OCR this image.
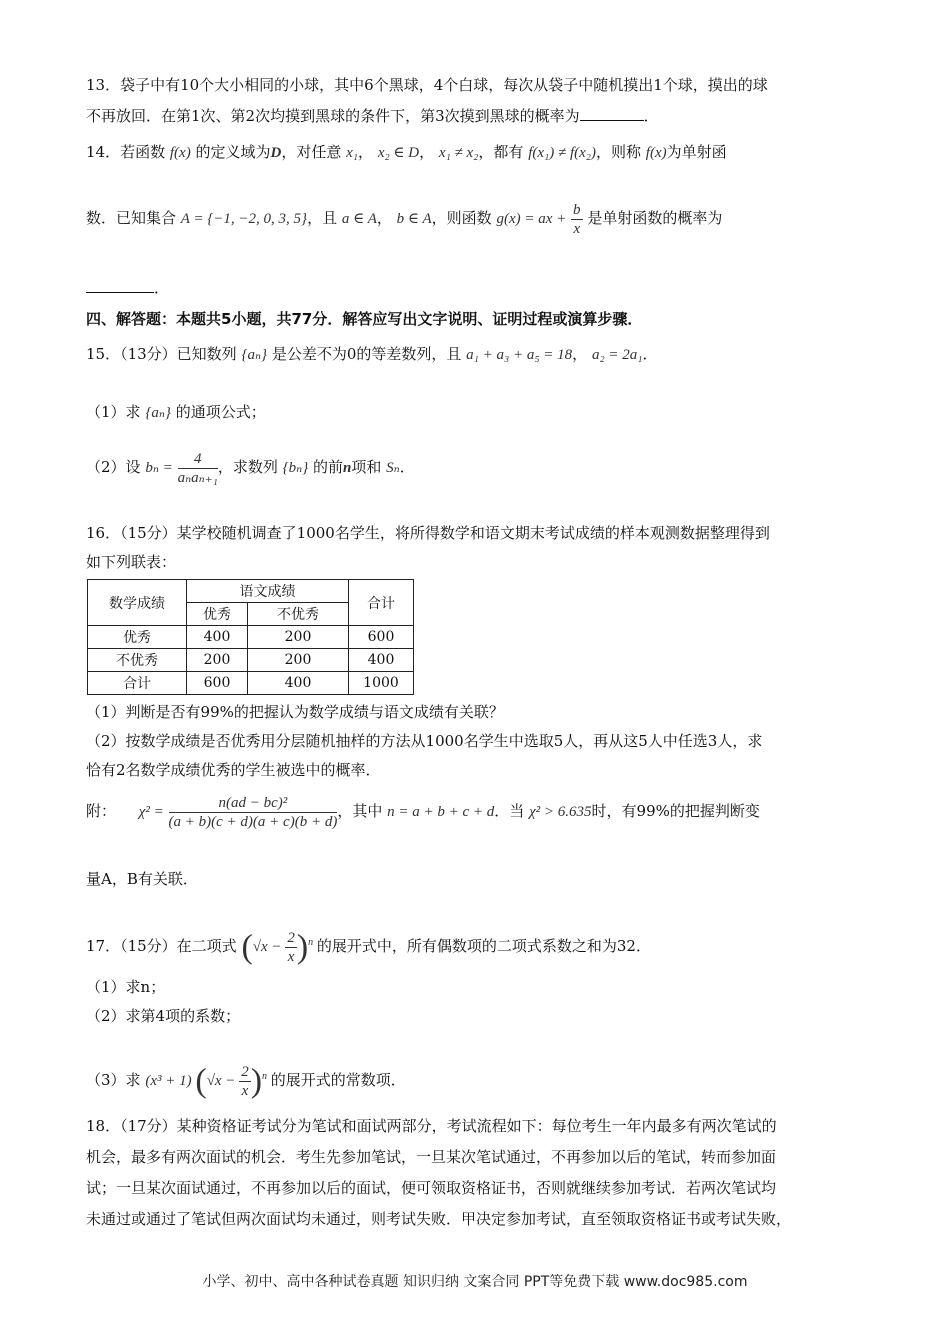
13．袋子中有10个大小相同的小球，其中6个黑球，4个白球，每次从袋子中随机摸出1个球，摸出的球
不再放回．在第1次、第2次均摸到黑球的条件下，第3次摸到黑球的概率为	．
14．若函数 f(x) 的定义域为D，对任意 x₁， x₂ ∈ D， x₁ ≠ x₂，都有 f(x₁) ≠ f(x₂)，则称 f(x)为单射函
数．已知集合 A = {−1, −2, 0, 3, 5}，且 a ∈ A， b ∈ A，则函数 g(x) = ax + $\frac{b}{x}$ 是单射函数的概率为
．
四、解答题：本题共5小题，共77分．解答应写出文字说明、证明过程或演算步骤．
15．（13分）已知数列 {aₙ} 是公差不为0的等差数列，且 a₁ + a₃ + a₅ = 18， a₂ = 2a₁．
（1）求 {aₙ} 的通项公式；
（2）设 $b_n = \frac{4}{\text{aₙaₙ₊₁}}$ ，求数列 {bₙ} 的前n项和 Sₙ．
16．（15分）某学校随机调查了1000名学生，将所得数学和语文期末考试成绩的样本观测数据整理得到
如下列联表：
数学成绩	语文成绩		合计
	优秀	不优秀	
优秀	400	200	600
不优秀	200	200	400
合计	600	400	1000
（1）判断是否有99%的把握认为数学成绩与语文成绩有关联？
（2）按数学成绩是否优秀用分层随机抽样的方法从1000名学生中选取5人，再从这5人中任选3人，求
恰有2名数学成绩优秀的学生被选中的概率．
附： $\chi^2 = \frac{\text{n(ad − bc)²}}{(a + b)(c + d)(a + c)(b + d)}$ ，其中 n = a + b + c + d．当 χ² > 6.635时，有99%的把握判断变
量A，B有关联．
17．（15分）在二项式 $(√x - \frac{2}{x} )^n$ 的展开式中，所有偶数项的二项式系数之和为32．
（1）求n；
（2）求第4项的系数；
（3）求 (x³ + 1) $(√x - \frac{2}{x} )^n$ 的展开式的常数项．
18．（17分）某种资格证考试分为笔试和面试两部分，考试流程如下：每位考生一年内最多有两次笔试的
机会，最多有两次面试的机会．考生先参加笔试，一旦某次笔试通过，不再参加以后的笔试，转而参加面
试；一旦某次面试通过，不再参加以后的面试，便可领取资格证书，否则就继续参加考试．若两次笔试均
未通过或通过了笔试但两次面试均未通过，则考试失败．甲决定参加考试，直至领取资格证书或考试失败，
小学、初中、高中各种试卷真题 知识归纳 文案合同 PPT等免费下载 www.doc985.com
